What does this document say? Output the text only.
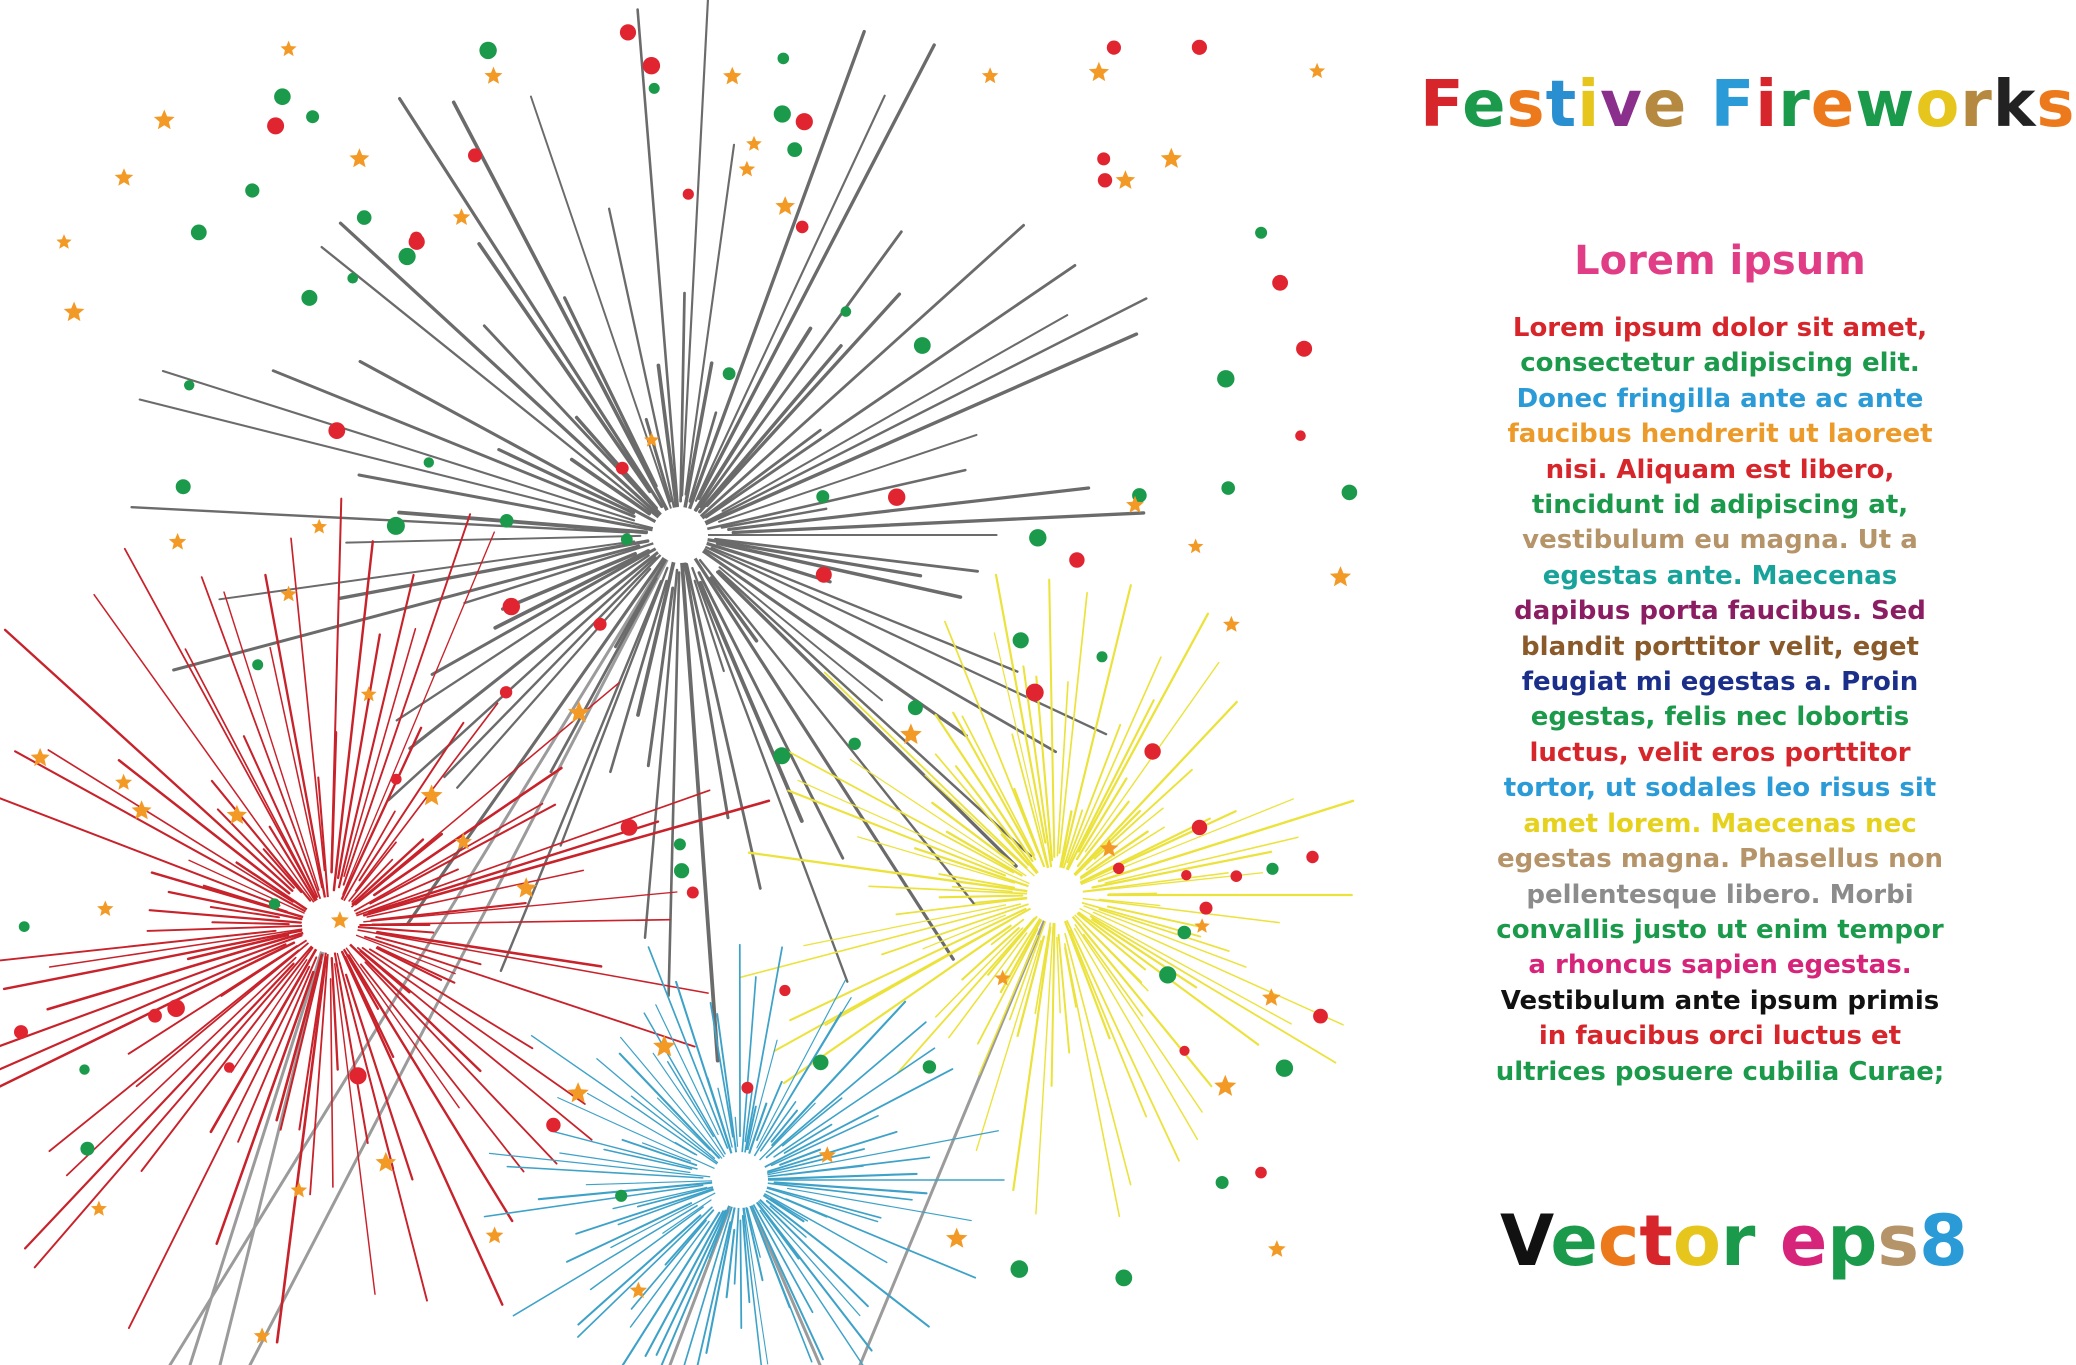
Festive Fireworks
Lorem ipsum
Lorem ipsum dolor sit amet,
consectetur adipiscing elit.
Donec fringilla ante ac ante
faucibus hendrerit ut laoreet
nisi. Aliquam est libero,
tincidunt id adipiscing at,
vestibulum eu magna. Ut a
egestas ante. Maecenas
dapibus porta faucibus. Sed
blandit porttitor velit, eget
feugiat mi egestas a. Proin
egestas, felis nec lobortis
luctus, velit eros porttitor
tortor, ut sodales leo risus sit
amet lorem. Maecenas nec
egestas magna. Phasellus non
pellentesque libero. Morbi
convallis justo ut enim tempor
a rhoncus sapien egestas.
Vestibulum ante ipsum primis
in faucibus orci luctus et
ultrices posuere cubilia Curae;
Vector eps8
